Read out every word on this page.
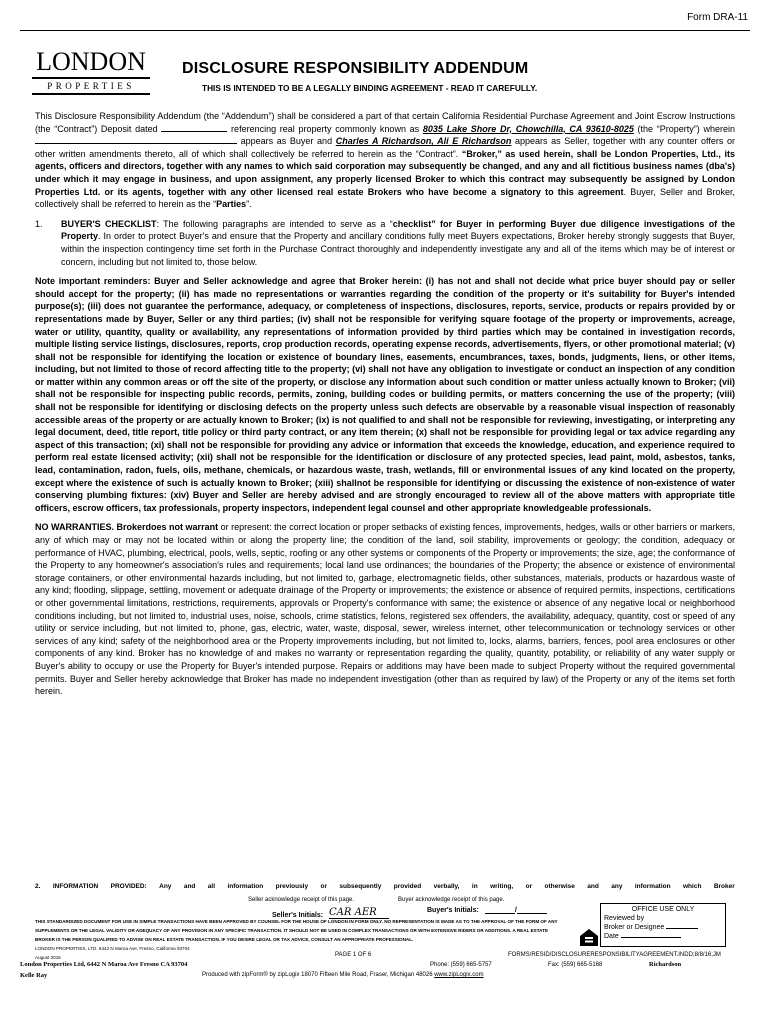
Form DRA-11
LONDON
PROPERTIES
DISCLOSURE RESPONSIBILITY ADDENDUM
THIS IS INTENDED TO BE A LEGALLY BINDING AGREEMENT - READ IT CAREFULLY.

This Disclosure Responsibility Addendum (the “Addendum”) shall be considered a part of that certain California Residential Purchase Agreement and Joint Escrow Instructions (the “Contract”) Deposit dated	referencing real property commonly known as 8035 Lake Shore Dr, Chowchilla, CA 93610-8025 (the “Property”) wherein  appears as Buyer and Charles A Richardson, Ali E Richardson appears as Seller, together with any counter offers or other written amendments thereto, all of which shall collectively be referred to herein as the “Contract”. “Broker,” as used herein, shall be London Properties, Ltd., its agents, officers and directors, together with any names to which said corporation may subsequently be changed, and any and all fictitious business names (dba's) under which it may engage in business, and upon assignment, any properly licensed Broker to which this contract may subsequently be assigned by London Properties Ltd. or its agents, together with any other licensed real estate Brokers who have become a signatory to this agreement. Buyer, Seller and Broker, collectively shall be referred to herein as the “Parties”.

1. BUYER'S CHECKLIST: The following paragraphs are intended to serve as a “checklist” for Buyer in performing Buyer due diligence investigations of the Property. In order to protect Buyer's and ensure that the Property and ancillary conditions fully meet Buyers expectations, Broker hereby strongly suggests that Buyer, within the inspection contingency time set forth in the Purchase Contract thoroughly and independently investigate any and all of the items which may be of interest or concern, including but not limited to, those below.

Note important reminders: Buyer and Seller acknowledge and agree that Broker herein: (i) has not and shall not decide what price buyer should pay or seller should accept for the property; (ii) has made no representations or warranties regarding the condition of the property or it's suitability for Buyer's intended purpose(s); (iii) does not guarantee the performance, adequacy, or completeness of inspections, disclosures, reports, service, products or repairs provided by or representations made by Buyer, Seller or any third parties; (iv) shall not be responsible for verifying square footage of the property or improvements, acreage, water or utility, quantity, quality or availability, any representations of information provided by third parties which may be contained in investigation records, multiple listing service listings, disclosures, reports, crop production records, operating expense records, advertisements, flyers, or other promotional material; (v) shall not be responsible for identifying the location or existence of boundary lines, easements, encumbrances, taxes, bonds, judgments, liens, or other items, including, but not limited to those of record affecting title to the property; (vi) shall not have any obligation to investigate or conduct an inspection of any condition or matter within any common areas or off the site of the property, or disclose any information about such condition or matter unless actually known to Broker; (vii) shall not be responsible for inspecting public records, permits, zoning, building codes or building permits, or matters concerning the use of the property; (viii) shall not be responsible for identifying or disclosing defects on the property unless such defects are observable by a reasonable visual inspection of reasonably accessible areas of the property or are actually known to Broker; (ix) is not qualified to and shall not be responsible for reviewing, investigating, or interpreting any legal document, deed, title report, title policy or third party contract, or any item therein; (x) shall not be responsible for providing legal or tax advice regarding any aspect of this transaction; (xi) shall not be responsible for providing any advice or information that exceeds the knowledge, education, and experience required to perform real estate licensed activity; (xii) shall not be responsible for the identification or disclosure of any protected species, lead paint, mold, asbestos, tanks, lead, contamination, radon, fuels, oils, methane, chemicals, or hazardous waste, trash, wetlands, fill or environmental issues of any kind located on the property, except where the existence of such is actually known to Broker; (xiii) shallnot be responsible for identifying or discussing the existence of non-existence of water conserving plumbing fixtures: (xiv) Buyer and Seller are hereby advised and are strongly encouraged to review all of the above matters with appropriate title officers, escrow officers, tax professionals, property inspectors, independent legal counsel and other appropriate knowledgeable professionals.

NO WARRANTIES. Brokerdoes not warrant or represent: the correct location or proper setbacks of existing fences, improvements, hedges, walls or other barriers or markers, any of which may or may not be located within or along the property line; the condition of the land, soil stability, improvements or geology; the condition, adequacy or performance of HVAC, plumbing, electrical, pools, wells, septic, roofing or any other systems or components of the Property or improvements; the size, age; the conformance of the Property to any homeowner's association's rules and requirements; local land use ordinances; the boundaries of the Property; the absence or existence of environmental storage containers, or other environmental hazards including, but not limited to, garbage, electromagnetic fields, other substances, materials, products or hazardous waste of any kind; flooding, slippage, settling, movement or adequate drainage of the Property or improvements; the existence or absence of required permits, inspections, certifications or other governmental limitations, restrictions, requirements, approvals or Property's conformance with same; the existence or absence of any negative local or neighborhood conditions including, but not limited to, industrial uses, noise, schools, crime statistics, felons, registered sex offenders, the availability, adequacy, quantity, cost or speed of any utility or service including, but not limited to, phone, gas, electric, water, waste, disposal, sewer, wireless internet, other telecommunication or technology services or other services of any kind; safety of the neighborhood area or the Property improvements including, but not limited to, locks, alarms, barriers, fences, pool area enclosures or other components of any kind. Broker has no knowledge of and makes no warranty or representation regarding the quality, quantity, potability, or reliability of any water supply or Buyer's ability to occupy or use the Property for Buyer's intended purpose. Repairs or additions may have been made to subject Property without the required governmental permits. Buyer and Seller hereby acknowledge that Broker has made no independent investigation (other than as required by law) of the Property or any of the items set forth herein.

2. INFORMATION PROVIDED: Any and all information previously or subsequently provided verbally, in writing, or otherwise and any information which Broker
Seller acknowledge receipt of this page.	Buyer acknowledge receipt of this page.
Seller's Initials: CAR AER	Buyer's Initials:	/
THIS STANDARDIZED DOCUMENT FOR USE IN SIMPLE TRANSACTIONS HAVE BEEN APPROVED BY COUNSEL FOR THE HOUSE OF LONDON IN FORM ONLY. NO REPRESENTATION IS MADE AS TO THE APPROVAL OF THE FORM OF ANY
SUPPLEMENTS OR THE LEGAL VALIDITY OR ADEQUACY OF ANY PROVISION IN ANY SPECIFIC TRANSACTION. IT SHOULD NOT BE USED IN COMPLEX TRANSACTIONS OR WITH EXTENSIVE RIDERS OR ADDITIONS. A REAL ESTATE
BROKER IS THE PERSON QUALIFIED TO ADVISE ON REAL ESTATE TRANSACTION. IF YOU DESIRE LEGAL OR TAX ADVICE, CONSULT AN APPROPRIATE PROFESSIONAL.
LONDON PROPERTIES, LTD. 6442 N Maroa Ave, Fresno, California 93704
August 2016
OFFICE USE ONLY
Reviewed by
Broker or Designee
Date
PAGE 1 OF 6	FORMS/RESID/DISCLOSURERESPONSIBILITYAGREEMENT.INDD;8/8/16;JM
London Properties Ltd, 6442 N Maroa Ave Fresno CA 93704	Phone: (559) 665-5757	Fax: (559) 665-5168	Richardson
Kelle Ray	Produced with zipForm® by zipLogix 18070 Fifteen Mile Road, Fraser, Michigan 48026 www.zipLogix.com
